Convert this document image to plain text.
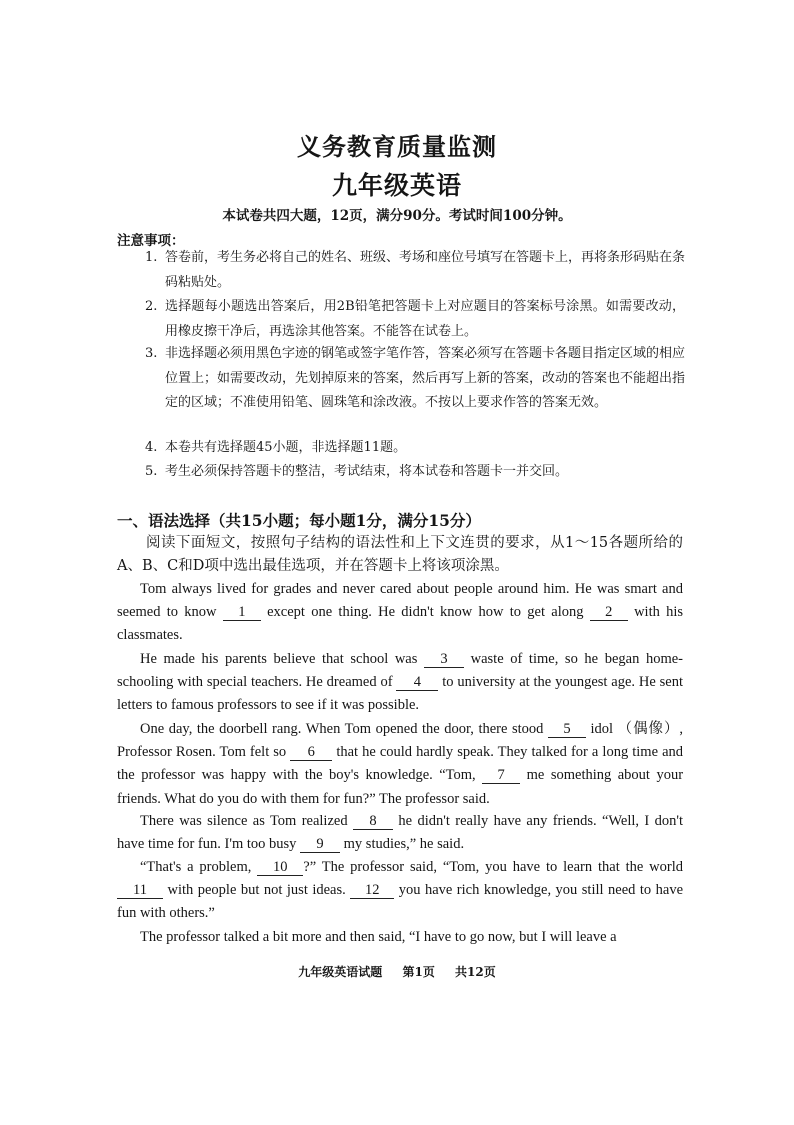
义务教育质量监测
九年级英语
本试卷共四大题，12页，满分90分。考试时间100分钟。
注意事项：
1. 答卷前，考生务必将自己的姓名、班级、考场和座位号填写在答题卡上，再将条形码贴在条码粘贴处。
2. 选择题每小题选出答案后，用2B铅笔把答题卡上对应题目的答案标号涂黑。如需要改动，用橡皮擦干净后，再选涂其他答案。不能答在试卷上。
3. 非选择题必须用黑色字迹的钢笔或签字笔作答，答案必须写在答题卡各题目指定区域的相应位置上；如需要改动，先划掉原来的答案，然后再写上新的答案，改动的答案也不能超出指定的区域；不准使用铅笔、圆珠笔和涂改液。不按以上要求作答的答案无效。
4. 本卷共有选择题45小题，非选择题11题。
5. 考生必须保持答题卡的整洁，考试结束，将本试卷和答题卡一并交回。
一、语法选择（共15小题；每小题1分，满分15分）
阅读下面短文，按照句子结构的语法性和上下文连贯的要求，从1～15各题所给的A、B、C和D项中选出最佳选项，并在答题卡上将该项涂黑。
Tom always lived for grades and never cared about people around him. He was smart and seemed to know 1 except one thing. He didn't know how to get along 2 with his classmates.
He made his parents believe that school was 3 waste of time, so he began home-schooling with special teachers. He dreamed of 4 to university at the youngest age. He sent letters to famous professors to see if it was possible.
One day, the doorbell rang. When Tom opened the door, there stood 5 idol （偶像）, Professor Rosen. Tom felt so 6 that he could hardly speak. They talked for a long time and the professor was happy with the boy's knowledge. “Tom, 7 me something about your friends. What do you do with them for fun?” The professor said.
There was silence as Tom realized 8 he didn't really have any friends. “Well, I don't have time for fun. I'm too busy 9 my studies,” he said.
“That's a problem, 10 ?” The professor said, “Tom, you have to learn that the world 11 with people but not just ideas. 12 you have rich knowledge, you still need to have fun with others.”
The professor talked a bit more and then said, “I have to go now, but I will leave a
九年级英语试题 第1页 共12页
